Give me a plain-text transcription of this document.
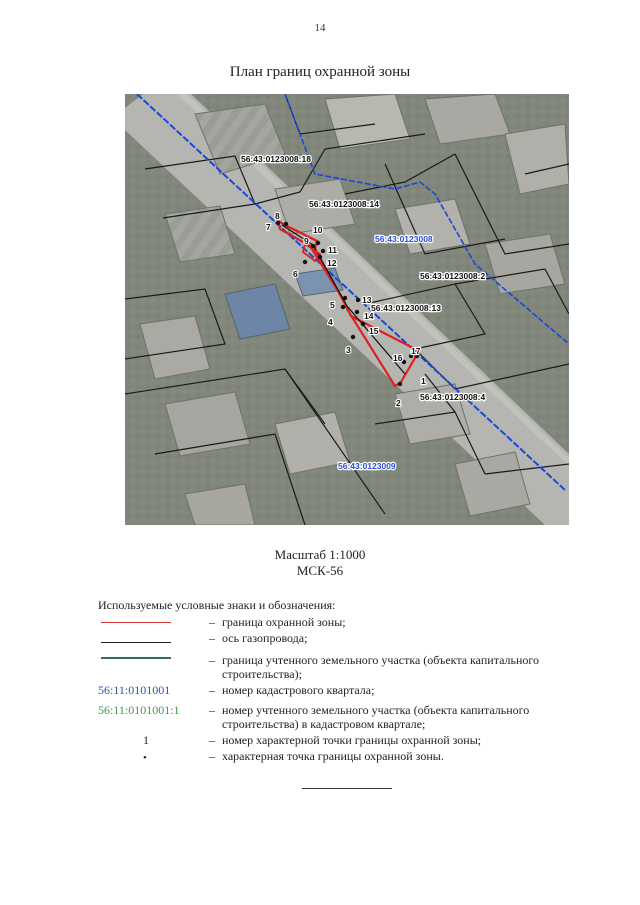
14
План границ охранной зоны
1
2
3
4
5
6
7
8
9
10
11
12
13
14
15
16
17
56:43:0123008:18
56:43:0123008:14
56:43:0123008:2
56:43:0123008:13
56:43:0123008:4
56:43:0123008
56:43:0123009
Масштаб 1:1000
МСК-56
Используемые условные знаки и обозначения:
– граница охранной зоны;
– ось газопровода;
– граница учтенного земельного участка (объекта капитального строительства);
56:11:0101001	– номер кадастрового квартала;
56:11:0101001:1	– номер учтенного земельного участка (объекта капитального строительства) в кадастровом квартале;
1	– номер характерной точки границы охранной зоны;
•	– характерная точка границы охранной зоны.
